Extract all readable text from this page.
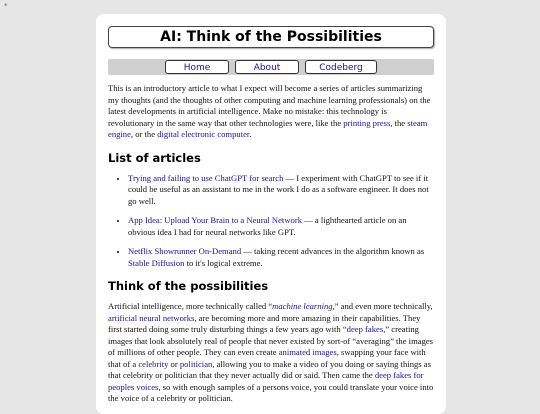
*
AI: Think of the Possibilities
Home	About	Codeberg

This is an introductory article to what I expect will become a series of articles summarizing my thoughts (and the thoughts of other computing and machine learning professionals) on the latest developments in artificial intelligence. Make no mistake: this technology is revolutionary in the same way that other technologies were, like the printing press, the steam engine, or the digital electronic computer.

List of articles
• Trying and failing to use ChatGPT for search — I experiment with ChatGPT to see if it could be useful as an assistant to me in the work I do as a software engineer. It does not go well.
• App Idea: Upload Your Brain to a Neural Network — a lighthearted article on an obvious idea I had for neural networks like GPT.
• Netflix Showrunner On-Demand — taking recent advances in the algorithm known as Stable Diffusion to it's logical extreme.
Think of the possibilities

Artificial intelligence, more technically called “machine learning,” and even more technically, artificial neural networks, are becoming more and more amazing in their capabilities. They first started doing some truly disturbing things a few years ago with “deep fakes,” creating images that look absolutely real of people that never existed by sort-of “averaging” the images of millions of other people. They can even create animated images, swapping your face with that of a celebrity or politician, allowing you to make a video of you doing or saying things as that celebrity or politician that they never actually did or said. Then came the deep fakes for peoples voices, so with enough samples of a persons voice, you could translate your voice into the voice of a celebrity or politician.
